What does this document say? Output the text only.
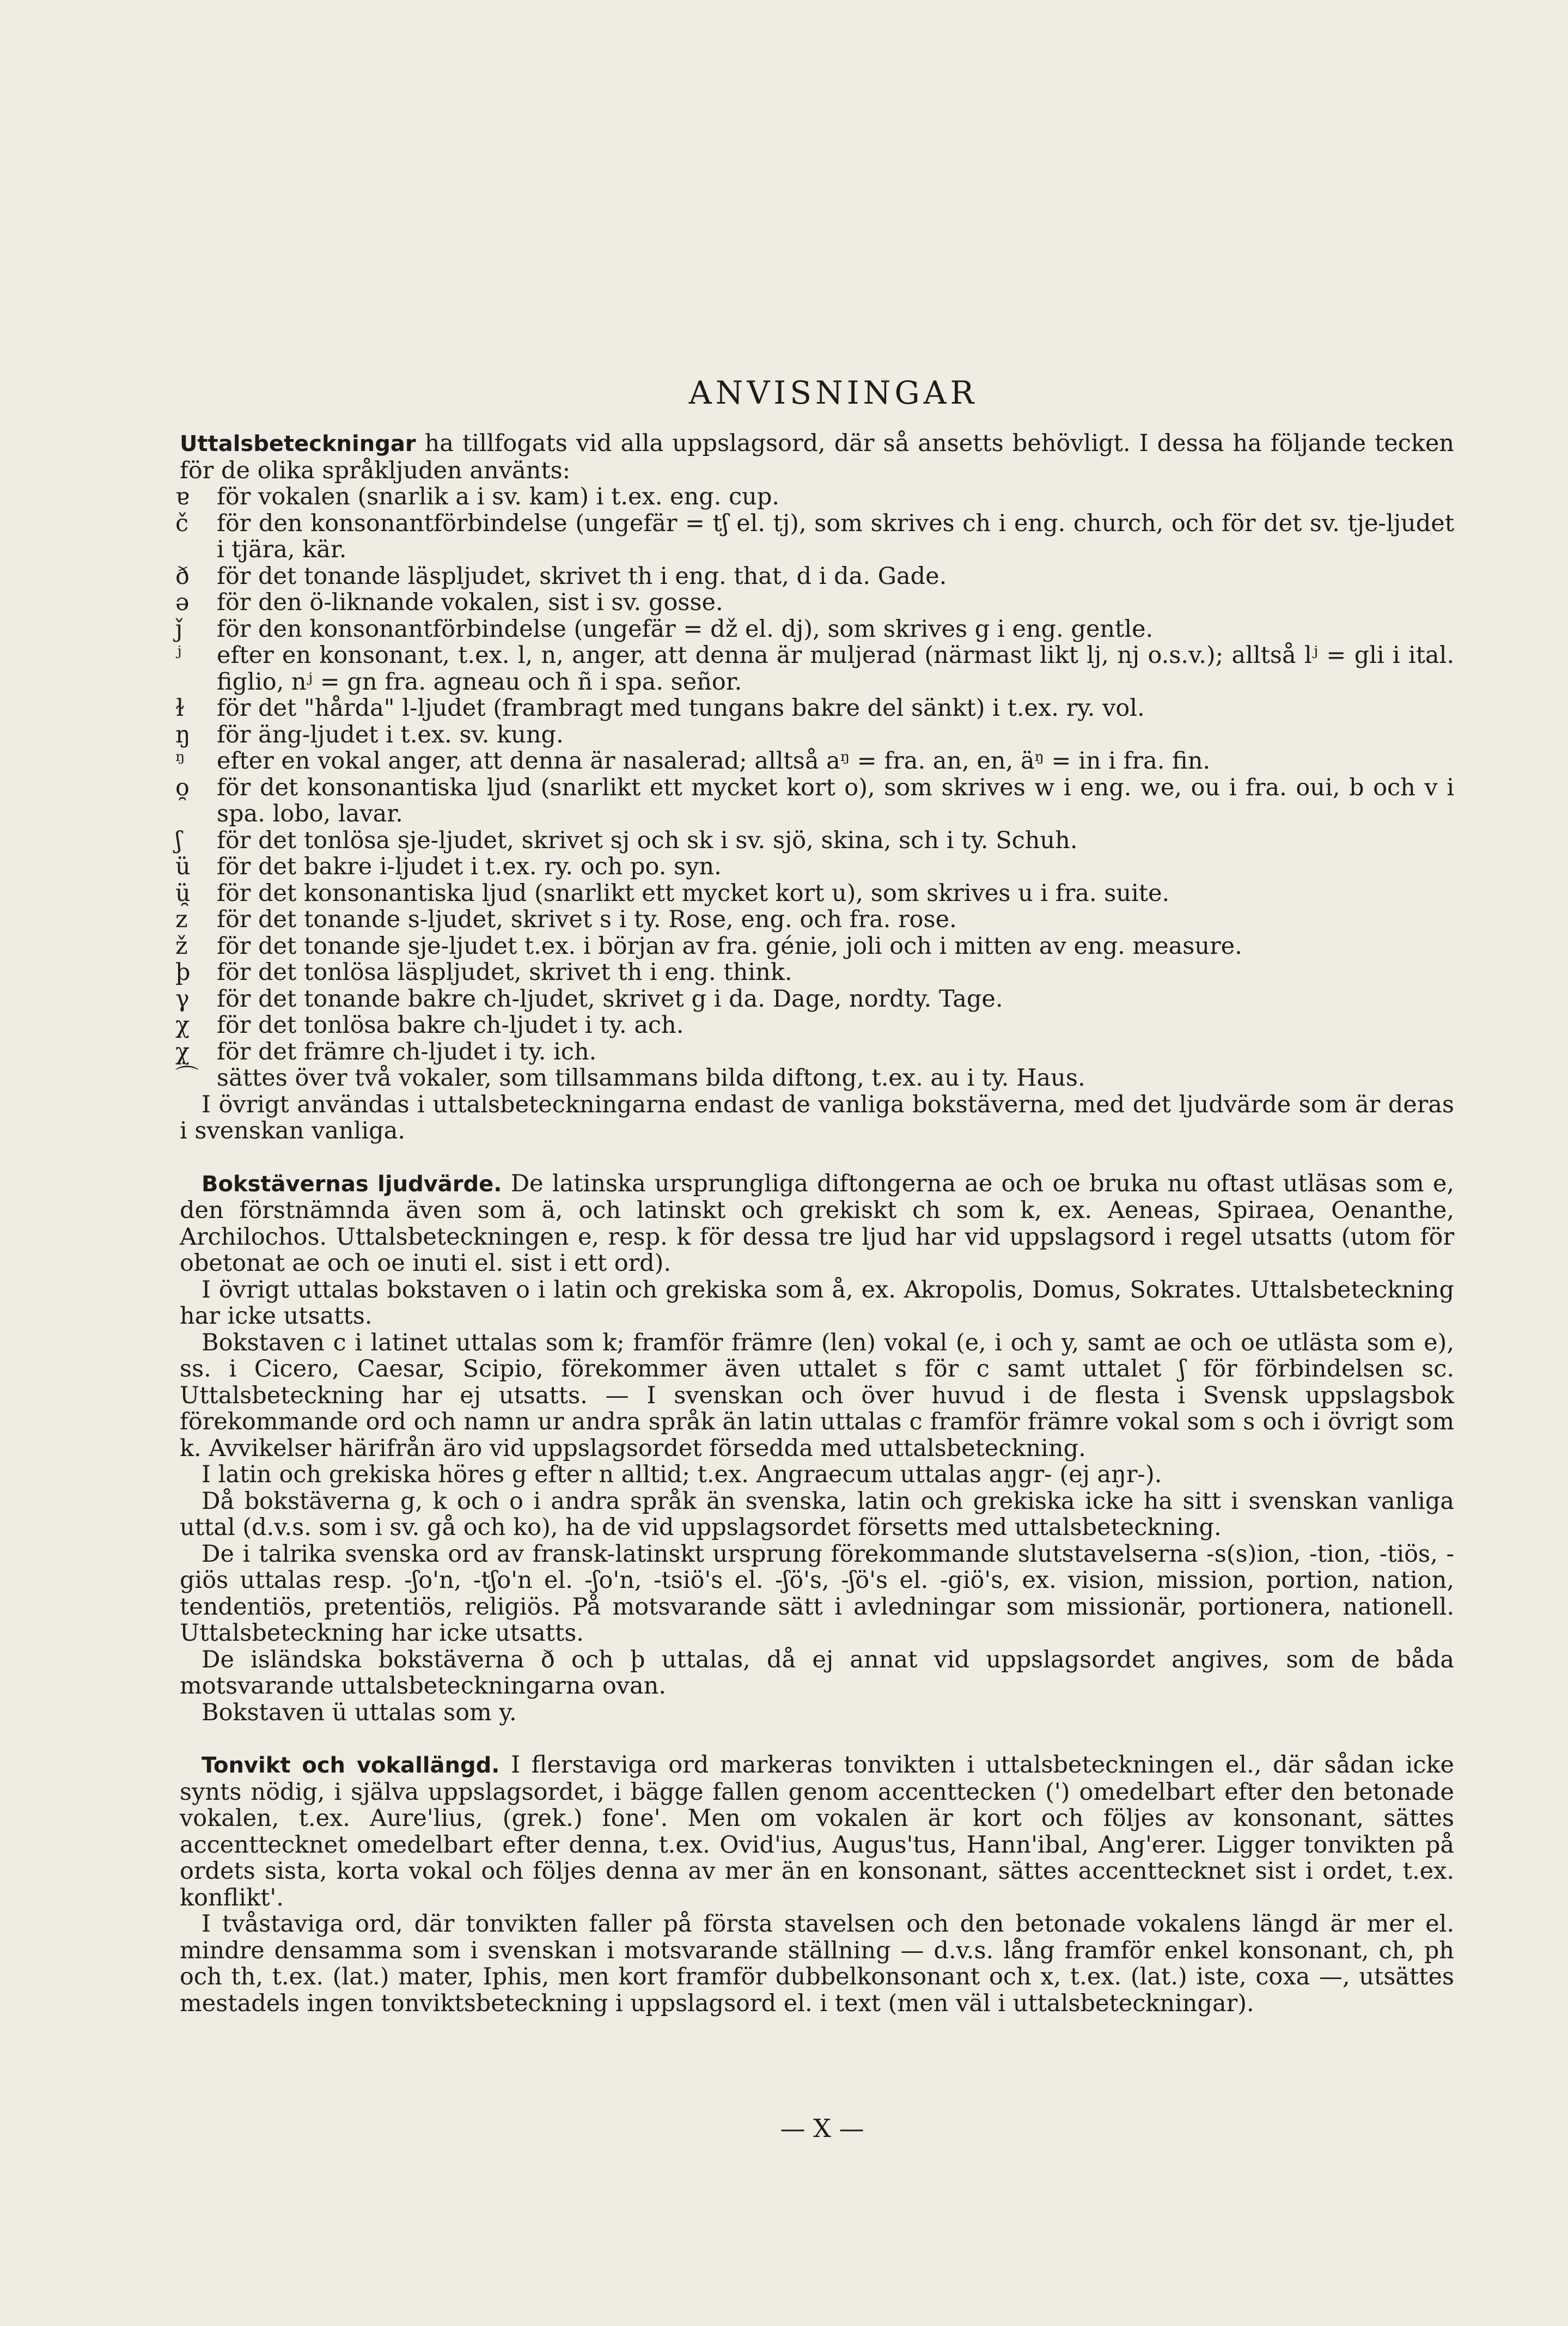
ANVISNINGAR

Uttalsbeteckningar ha tillfogats vid alla uppslagsord, där så ansetts behövligt. I dessa ha följande tecken för de olika språkljuden använts:

ɐ	för vokalen (snarlik a i sv. kam) i t.ex. eng. cup.
č	för den konsonantförbindelse (ungefär = tʃ el. tj), som skrives ch i eng. church, och för det sv. tje-ljudet i tjära, kär.
ð	för det tonande läspljudet, skrivet th i eng. that, d i da. Gade.
ə	för den ö-liknande vokalen, sist i sv. gosse.
ǰ	för den konsonantförbindelse (ungefär = dž el. dj), som skrives g i eng. gentle.
ʲ	efter en konsonant, t.ex. l, n, anger, att denna är muljerad (närmast likt lj, nj o.s.v.); alltså lʲ = gli i ital. figlio, nʲ = gn fra. agneau och ñ i spa. señor.
ɫ	för det "hårda" l-ljudet (frambragt med tungans bakre del sänkt) i t.ex. ry. vol.
ŋ	för äng-ljudet i t.ex. sv. kung.
ᵑ	efter en vokal anger, att denna är nasalerad; alltså aᵑ = fra. an, en, äᵑ = in i fra. fin.
o̯	för det konsonantiska ljud (snarlikt ett mycket kort o), som skrives w i eng. we, ou i fra. oui, b och v i spa. lobo, lavar.
ʃ	för det tonlösa sje-ljudet, skrivet sj och sk i sv. sjö, skina, sch i ty. Schuh.
ü	för det bakre i-ljudet i t.ex. ry. och po. syn.
ü̯	för det konsonantiska ljud (snarlikt ett mycket kort u), som skrives u i fra. suite.
z	för det tonande s-ljudet, skrivet s i ty. Rose, eng. och fra. rose.
ž	för det tonande sje-ljudet t.ex. i början av fra. génie, joli och i mitten av eng. measure.
þ	för det tonlösa läspljudet, skrivet th i eng. think.
γ	för det tonande bakre ch-ljudet, skrivet g i da. Dage, nordty. Tage.
χ	för det tonlösa bakre ch-ljudet i ty. ach.
χ̣	för det främre ch-ljudet i ty. ich.
⌒ sättes över två vokaler, som tillsammans bilda diftong, t.ex. au i ty. Haus.

I övrigt användas i uttalsbeteckningarna endast de vanliga bokstäverna, med det ljudvärde som är deras i svenskan vanliga.

Bokstävernas ljudvärde. De latinska ursprungliga diftongerna ae och oe bruka nu oftast utläsas som e, den förstnämnda även som ä, och latinskt och grekiskt ch som k, ex. Aeneas, Spiraea, Oenanthe, Archilochos. Uttalsbeteckningen e, resp. k för dessa tre ljud har vid uppslagsord i regel utsatts (utom för obetonat ae och oe inuti el. sist i ett ord).

I övrigt uttalas bokstaven o i latin och grekiska som å, ex. Akropolis, Domus, Sokrates. Uttalsbeteckning har icke utsatts.

Bokstaven c i latinet uttalas som k; framför främre (len) vokal (e, i och y, samt ae och oe utlästa som e), ss. i Cicero, Caesar, Scipio, förekommer även uttalet s för c samt uttalet ʃ för förbindelsen sc. Uttalsbeteckning har ej utsatts. — I svenskan och över huvud i de flesta i Svensk uppslagsbok förekommande ord och namn ur andra språk än latin uttalas c framför främre vokal som s och i övrigt som k. Avvikelser härifrån äro vid uppslagsordet försedda med uttalsbeteckning.

I latin och grekiska höres g efter n alltid; t.ex. Angraecum uttalas aŋgr- (ej aŋr-).

Då bokstäverna g, k och o i andra språk än svenska, latin och grekiska icke ha sitt i svenskan vanliga uttal (d.v.s. som i sv. gå och ko), ha de vid uppslagsordet försetts med uttalsbeteckning.

De i talrika svenska ord av fransk-latinskt ursprung förekommande slutstavelserna -s(s)ion, -tion, -tiös, -giös uttalas resp. -ʃo'n, -tʃo'n el. -ʃo'n, -tsiö's el. -ʃö's, -ʃö's el. -giö's, ex. vision, mission, portion, nation, tendentiös, pretentiös, religiös. På motsvarande sätt i avledningar som missionär, portionera, nationell. Uttalsbeteckning har icke utsatts.

De isländska bokstäverna ð och þ uttalas, då ej annat vid uppslagsordet angives, som de båda motsvarande uttalsbeteckningarna ovan.

Bokstaven ü uttalas som y.

Tonvikt och vokallängd. I flerstaviga ord markeras tonvikten i uttalsbeteckningen el., där sådan icke synts nödig, i själva uppslagsordet, i bägge fallen genom accenttecken (') omedelbart efter den betonade vokalen, t.ex. Aure'lius, (grek.) fone'. Men om vokalen är kort och följes av konsonant, sättes accenttecknet omedelbart efter denna, t.ex. Ovid'ius, Augus'tus, Hann'ibal, Ang'erer. Ligger tonvikten på ordets sista, korta vokal och följes denna av mer än en konsonant, sättes accenttecknet sist i ordet, t.ex. konflikt'.

I tvåstaviga ord, där tonvikten faller på första stavelsen och den betonade vokalens längd är mer el. mindre densamma som i svenskan i motsvarande ställning — d.v.s. lång framför enkel konsonant, ch, ph och th, t.ex. (lat.) mater, Iphis, men kort framför dubbelkonsonant och x, t.ex. (lat.) iste, coxa —, utsättes mestadels ingen tonviktsbeteckning i uppslagsord el. i text (men väl i uttalsbeteckningar).

— X —
